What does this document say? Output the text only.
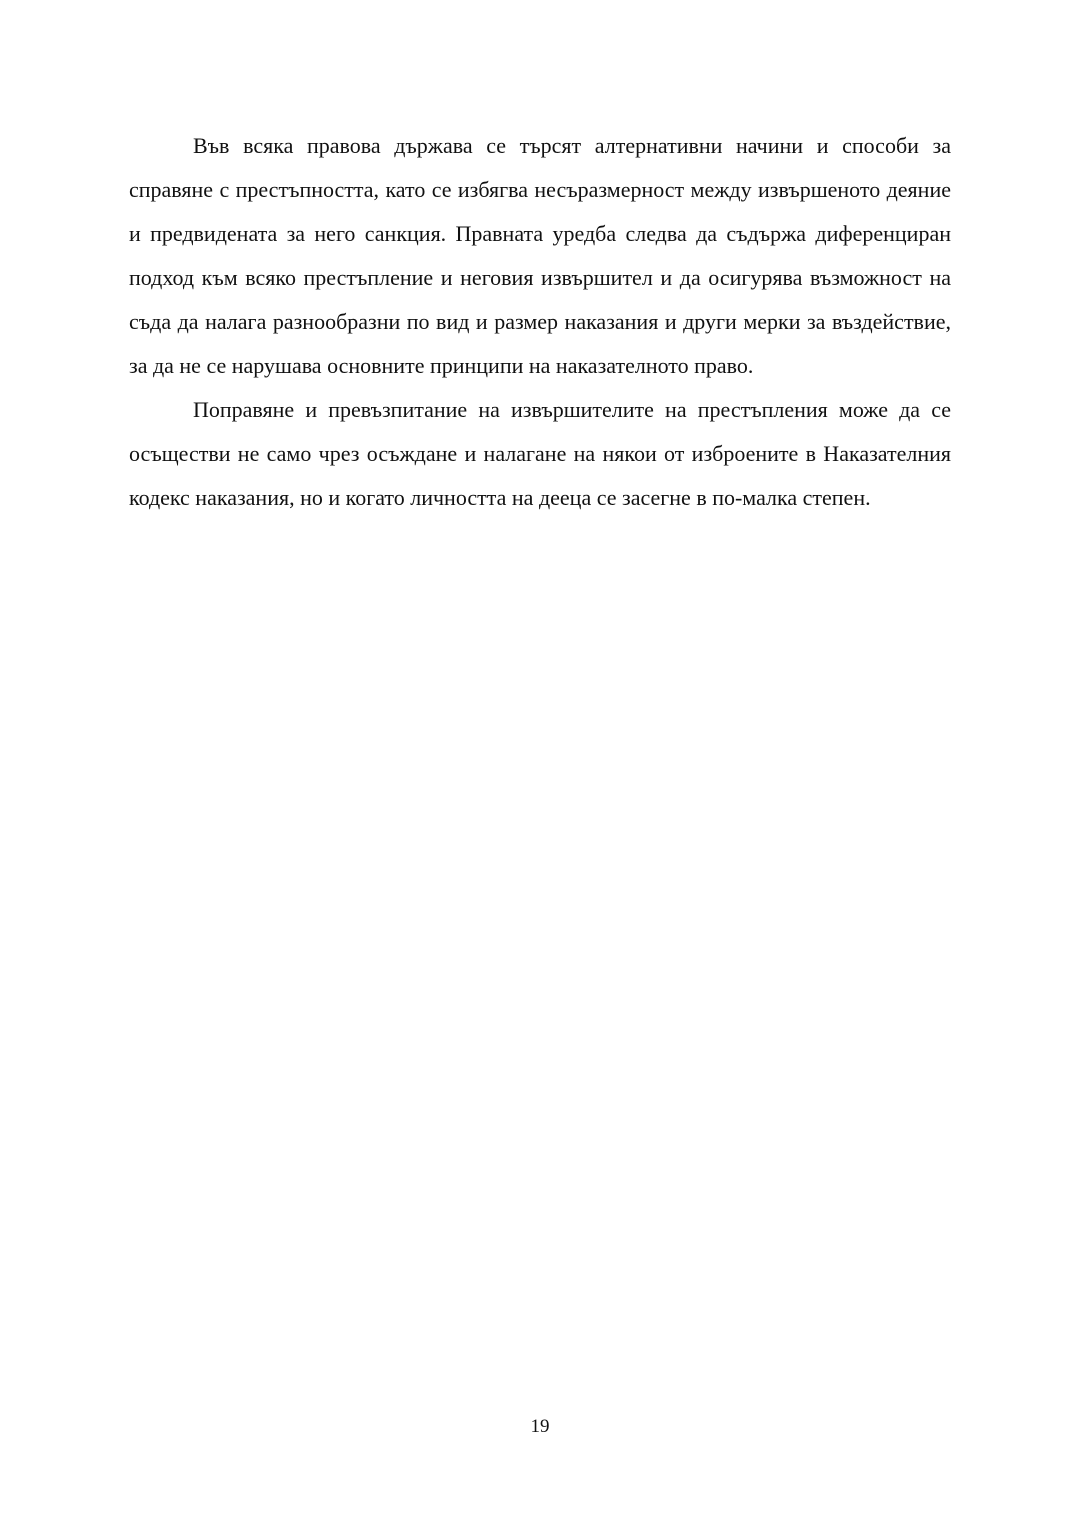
Във всяка правова държава се търсят алтернативни начини и способи за справяне с престъпността, като се избягва несъразмерност между извършеното деяние и предвидената за него санкция. Правната уредба следва да съдържа диференциран подход към всяко престъпление и неговия извършител и да осигурява възможност на съда да налага разнообразни по вид и размер наказания и други мерки за въздействие, за да не се нарушава основните принципи на наказателното право.

Поправяне и превъзпитание на извършителите на престъпления може да се осъществи не само чрез осъждане и налагане на някои от изброените в Наказателния кодекс наказания, но и когато личността на дееца се засегне в по-малка степен.

19
